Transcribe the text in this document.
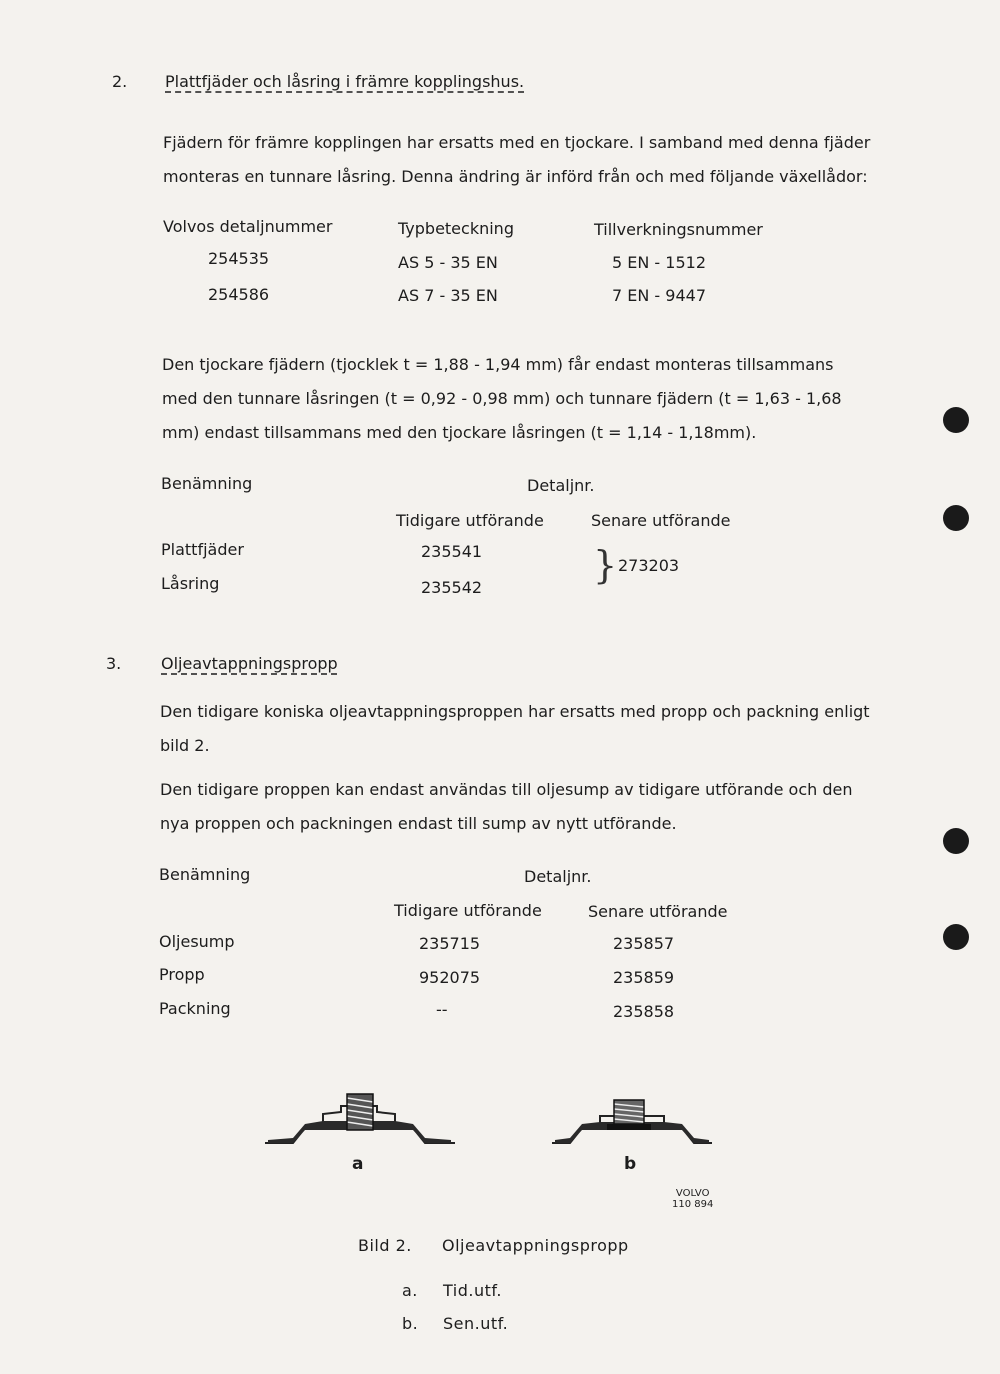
2. Plattfjäder och låsring i främre kopplingshus.
Fjädern för främre kopplingen har ersatts med en tjockare. I samband med denna fjäder
monteras en tunnare låsring. Denna ändring är införd från och med följande växellådor:
Volvos detaljnummer	Typbeteckning	Tillverkningsnummer
254535	AS 5 - 35 EN	5 EN - 1512
254586	AS 7 - 35 EN	7 EN - 9447
Den tjockare fjädern (tjocklek t = 1,88 - 1,94 mm) får endast monteras tillsammans
med den tunnare låsringen (t = 0,92 - 0,98 mm) och tunnare fjädern (t = 1,63 - 1,68
mm) endast tillsammans med den tjockare låsringen (t = 1,14 - 1,18mm).
Benämning	Detaljnr.
Tidigare utförande	Senare utförande
Plattfjäder	235541
Låsring	235542
} 273203
3. Oljeavtappningspropp
Den tidigare koniska oljeavtappningsproppen har ersatts med propp och packning enligt
bild 2.
Den tidigare proppen kan endast användas till oljesump av tidigare utförande och den
nya proppen och packningen endast till sump av nytt utförande.
Benämning	Detaljnr.
Tidigare utförande	Senare utförande
Oljesump	235715	235857
Propp	952075	235859
Packning	--	235858
a	b
VOLVO
110 894
Bild 2. Oljeavtappningspropp
a. Tid.utf.
b. Sen.utf.
